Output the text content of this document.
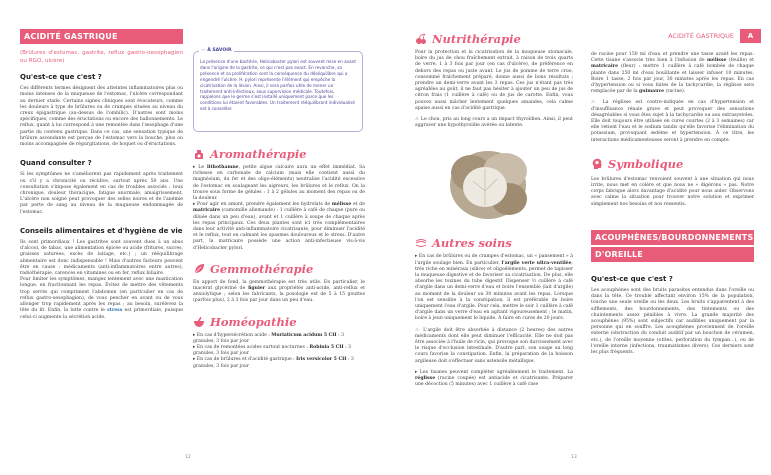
ACIDITÉ GASTRIQUE
(Brûlures d'estomac, gastrite, reflux gastro-oesophagien ou RGO, ulcère)
Qu'est-ce que c'est ?

Ces différents termes désignent des atteintes inflammatoires plus ou moins intenses de la muqueuse de l'estomac, l'ulcère correspondant au dernier stade. Certains signes cliniques sont évocateurs, comme les douleurs à type de brûlures ou de crampes situées au niveau du creux épigastrique (au-dessus de l'ombilic). D'autres sont moins spécifiques, comme des éructations ou encore des ballonnements. Le reflux, quant à lui correspond à une remontée dans l'œsophage d'une partie du contenu gastrique. Dans ce cas, une sensation typique de brûlure ascendante est perçue de l'estomac vers la bouche, plus ou moins accompagnée de régurgitations, de hoquet ou d'éructations.

Quand consulter ?

Si les symptômes ne s'améliorent pas rapidement après traitement ou s'il y a chronicité ou récidive, surtout après 50 ans. Une consultation s'impose également en cas de troubles associés : toux chronique, douleur thoracique, fatigue anormale, amaigrissement. L'ulcère non soigné peut provoquer des selles noires et de l'anémie par perte de sang au niveau de la muqueuse endommagée de l'estomac.

Conseils alimentaires et d'hygiène de vie

Ils sont primordiaux ! Les gastrites sont souvent dues à un abus d'alcool, de tabac, une alimentation épicée ou acide (fritures, sucres, graisses saturées, excès de laitage, etc.) ; un rééquilibrage alimentaire est donc indispensable ! Mais d'autres facteurs peuvent être en cause : médicaments (anti-inflammatoires entre autres), radiothérapie, carences en vitamines ou en fer, reflux biliaire.

Pour limiter les symptômes, mangez lentement avec une mastication longue, en fractionnant les repas. Évitez de mettre des vêtements trop serrés qui compriment l'abdomen (en particulier en cas de reflux gastro-oesophagien), de vous pencher en avant ou de vous allonger trop rapidement après les repas ; au besoin, surélevez la tête du lit. Enfin, la lutte contre le stress est primordiale, puisque celui-ci augmente la sécrétion acide.

— À SAVOIR
La présence d'une bactérie, Helicobacter pylori est souvent mise en avant dans l'origine de la gastrite, ce qui n'est pas exact. En revanche, sa présence et sa prolifération sont la conséquence du déséquilibre qui a engendré l'ulcère. H. pylori représente l'élément qui empêche la cicatrisation de la lésion. Ainsi, il sera parfois utile de mener un traitement anti-infectieux, sous supervision médicale. Toutefois, rappelons que le germe s'est installé uniquement parce que les conditions lui étaient favorables. Un traitement rééquilibrant individualisé est à conseiller.
Aromathérapie

▸ Le lithothamne, petite algue calcaire aura un effet immédiat. Sa richesse en carbonate de calcium (mais elle contient aussi du magnésium, du fer et des oligo-éléments) neutralise l'acidité excessive de l'estomac en soulageant les aigreurs, les brûlures et le reflux. On la trouve sous forme de gélules : 1 à 2 gélules au moment des repas ou de la douleur.

▸ Pour agir en amont, prendre également les hydrolats de mélisse et de matricaire (camomille allemande) : 1 cuillère à café de chaque (pure ou diluée dans un peu d'eau), avant et 1 cuillère à soupe de chaque après les repas principaux. Ces deux plantes sont ici très complémentaires dans leur activité anti-inflammatoire cicatrisante, pour diminuer l'acidité et le reflux, tout en calmant les spasmes douloureux et le stress. D'autre part, la matricaire possède une action anti-infectieuse vis-à-vis d'Helicobacter pylori.

Gemmothérapie

En apport de fond, la gemmothérapie est très utile. En particulier, le macérat glycériné de figuier aux propriétés anti-acide, anti-reflux et anxiolytique ; selon les fabricants, la posologie est de 5 à 15 gouttes (parfois plus), 2 à 3 fois par jour dans un peu d'eau.

Homéopathie

▸ En cas d'hypersécrétion acide : Muriaticum acidum 5 CH : 3 granules, 3 fois par jour

▸ En cas de remontées acides surtout nocturnes : Robinia 5 CH : 3 granules, 3 fois par jour

▸ En cas de brûlures et d'acidité gastrique : Iris versicolor 5 CH : 3 granules, 3 fois par jour

12
ACIDITÉ GASTRIQUE	A
Nutrithérapie

Pour la protection et la cicatrisation de la muqueuse stomacale, boire du jus de chou fraîchement extrait, à raison de trois quarts de verre, 1 à 3 fois par jour (en cas d'ulcère), de préférence en dehors des repas ou juste avant. Le jus de pomme de terre crue, consommé fraîchement préparé, donne aussi de bons résultats ; prendre un demi-verre avant les 3 repas. Ces jus n'étant pas très agréables au goût, il ne faut pas hésiter à ajouter un peu de jus de citron frais (1 cuillère à café) ou de jus de carotte. Enfin, vous pouvez aussi mâcher lentement quelques amandes, cela calme apaise aussi en cas d'acidité gastrique.

⚠ Le chou, pris au long cours a un impact thyroïdien. Ainsi, il peut aggraver une hypothyroïdie avérée ou latente.

Autres soins

▸ En cas de brûlures ou de crampes d'estomac, un « pansement » à l'argile soulage bien. En particulier, l'argile verte ultra-ventilée, très riche en minéraux (silice) et oligoéléments, permet de tapisser la muqueuse digestive et de favoriser sa cicatrisation. De plus, elle absorbe les toxines du tube digestif. Dispenser ½ cuillère à café d'argile dans un demi-verre d'eau et boire l'ensemble (lait d'argile) au moment de la douleur ou 30 minutes avant les repas. Lorsque l'on est sensible à la constipation, il est préférable de boire uniquement l'eau d'argile. Pour cela, mettre le soir 1 cuillère à café d'argile dans un verre d'eau en agitant vigoureusement ; le matin, boire à jeun uniquement le liquide. À faire en cures de 20 jours.

⚠ L'argile doit être absorbée à distance (2 heures) des autres médicaments dont elle peut diminuer l'efficacité. Elle ne doit pas être associée à l'huile de ricin, qui provoque son durcissement avec le risque d'occlusion intestinale. D'autre part, son usage au long cours favorise la constipation. Enfin, la préparation de la boisson argileuse doit s'effectuer sans ustensile métallique.

▸ Les tisanes peuvent compléter agréablement le traitement. La réglisse (racine coupée) est antiacide et cicatrisante. Préparer une décoction (5 minutes) avec 1 cuillère à café rase

de racine pour 150 ml d'eau et prendre une tasse avant les repas. Cette tisane s'associe très bien à l'infusion de mélisse (feuille) et matricaire (fleur) : mettre 1 cuillère à café bombée de chaque plante dans 250 ml d'eau bouillante et laisser infuser 10 minutes. Boire 1 tasse, 2 fois par jour, 30 minutes après les repas. En cas d'hypertension ou si vous faites de la tachycardie, la réglisse sera remplacée par de la guimauve (racine).

⚠ La réglisse est contre-indiquée en cas d'hypertension et d'insuffisance rénale grave et peut provoquer des sensations désagréables si vous êtes sujet à la tachycardie ou aux extrasystoles. Elle doit toujours être utilisée en cures courtes (2 à 3 semaines) car elle retient l'eau et le sodium tandis qu'elle favorise l'élimination du potassium, provoquant œdème et hypertension. À ce titre, les interactions médicamenteuses seront à prendre en compte.

Symbolique

Les brûlures d'estomac renvoient souvent à une situation qui nous irrite, nous met en colère et que nous ne « digérons » pas. Notre corps fabrique alors davantage d'acidité pour nous aider. Observons avec calme la situation pour trouver notre solution et exprimer simplement nos besoins et nos ressentis.

ACOUPHÈNES/BOURDONNEMENTS
D'OREILLE
Qu'est-ce que c'est ?

Les acouphènes sont des bruits parasites entendus dans l'oreille ou dans la tête. Ce trouble affectant environ 15% de la population, touche une seule oreille ou les deux. Les bruits s'apparentent à des sifflements, des bourdonnements, des tintements ou des chuintements assez pénibles à vivre. La grande majorité des acouphènes (95%) sont subjectifs car audibles uniquement par la personne qui en souffre. Les acouphènes proviennent de l'oreille externe (obstruction du conduit auditif par un bouchon de cérumen, etc.), de l'oreille moyenne (otites, perforation du tympan...), ou de l'oreille interne (infections, traumatismes divers). Ces derniers sont les plus fréquents.

13
